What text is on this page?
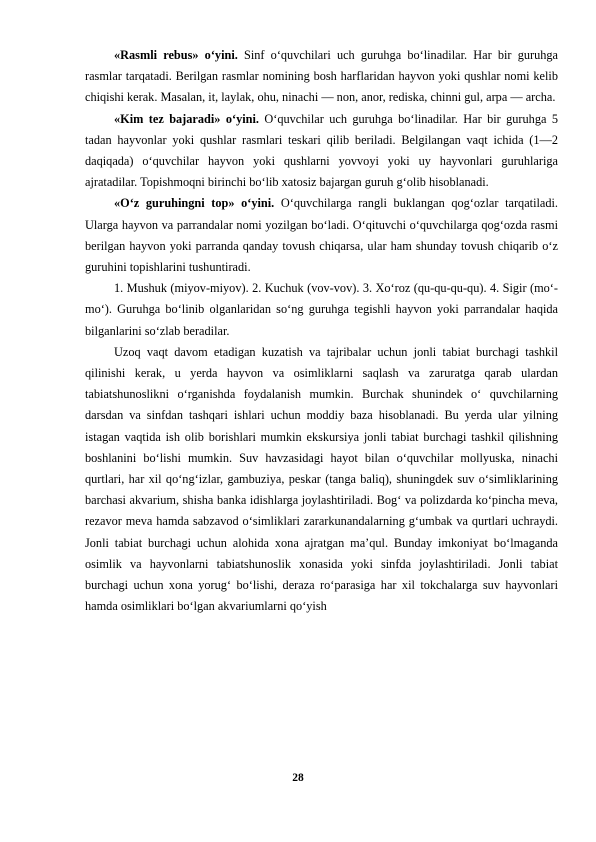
«Rasmli rebus» o‘yini. Sinf o‘quvchilari uch guruhga bo‘linadilar. Har bir guruhga rasmlar tarqatadi. Berilgan rasmlar nomining bosh harflaridan hayvon yoki qushlar nomi kelib chiqishi kerak. Masalan, it, laylak, ohu, ninachi — non, anor, rediska, chinni gul, arpa — archa.

«Kim tez bajaradi» o‘yini. O‘quvchilar uch guruhga bo‘linadilar. Har bir guruhga 5 tadan hayvonlar yoki qushlar rasmlari teskari qilib beriladi. Belgilangan vaqt ichida (1—2 daqiqada) o‘quvchilar hayvon yoki qushlarni yovvoyi yoki uy hayvonlari guruhlariga ajratadilar. Topishmoqni birinchi bo‘lib xatosiz bajargan guruh g‘olib hisoblanadi.

«O‘z guruhingni top» o‘yini. O‘quvchilarga rangli buklangan qog‘ozlar tarqatiladi. Ularga hayvon va parrandalar nomi yozilgan bo‘ladi. O‘qituvchi o‘quvchilarga qog‘ozda rasmi berilgan hayvon yoki parranda qanday tovush chiqarsa, ular ham shunday tovush chiqarib o‘z guruhini topishlarini tushuntiradi.

1. Mushuk (miyov-miyov). 2. Kuchuk (vov-vov). 3. Xo‘roz (qu-qu-qu-qu). 4. Sigir (mo‘-mo‘). Guruhga bo‘linib olganlaridan so‘ng guruhga tegishli hayvon yoki parrandalar haqida bilganlarini so‘zlab beradilar.

Uzoq vaqt davom etadigan kuzatish va tajribalar uchun jonli tabiat burchagi tashkil qilinishi kerak, u yerda hayvon va osimliklarni saqlash va zaruratga qarab ulardan tabiatshunoslikni o‘rganishda foydalanish mumkin. Burchak shunindek o‘ quvchilarning darsdan va sinfdan tashqari ishlari uchun moddiy baza hisoblanadi. Bu yerda ular yilning istagan vaqtida ish olib borishlari mumkin ekskursiya jonli tabiat burchagi tashkil qilishning boshlanini bo‘lishi mumkin. Suv havzasidagi hayot bilan o‘quvchilar mollyuska, ninachi qurtlari, har xil qo‘ng‘izlar, gambuziya, peskar (tanga baliq), shuningdek suv o‘simliklarining barchasi akvarium, shisha banka idishlarga joylashtiriladi. Bog‘ va polizdarda ko‘pincha meva, rezavor meva hamda sabzavod o‘simliklari zararkunandalarning g‘umbak va qurtlari uchraydi. Jonli tabiat burchagi uchun alohida xona ajratgan ma’qul. Bunday imkoniyat bo‘lmaganda osimlik va hayvonlarni tabiatshunoslik xonasida yoki sinfda joylashtiriladi. Jonli tabiat burchagi uchun xona yorug‘ bo‘lishi, deraza ro‘parasiga har xil tokchalarga suv hayvonlari hamda osimliklari bo‘lgan akvariumlarni qo‘yish

28
